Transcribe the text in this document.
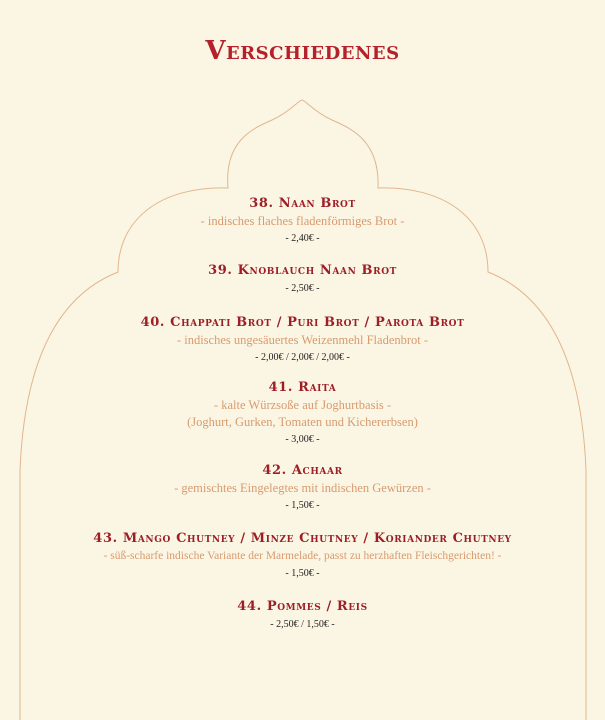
Verschiedenes
38. Naan Brot

- indisches flaches fladenförmiges Brot -

- 2,40€ -

39. Knoblauch Naan Brot

- 2,50€ -

40. Chappati Brot / Puri Brot / Parota Brot

- indisches ungesäuertes Weizenmehl Fladenbrot -

- 2,00€ / 2,00€ / 2,00€ -

41. Raita

- kalte Würzsoße auf Joghurtbasis -

(Joghurt, Gurken, Tomaten und Kichererbsen)

- 3,00€ -

42. Achaar

- gemischtes Eingelegtes mit indischen Gewürzen -

- 1,50€ -

43. Mango Chutney / Minze Chutney / Koriander Chutney

- süß-scharfe indische Variante der Marmelade, passt zu herzhaften Fleischgerichten! -

- 1,50€ -

44. Pommes / Reis

- 2,50€ / 1,50€ -
